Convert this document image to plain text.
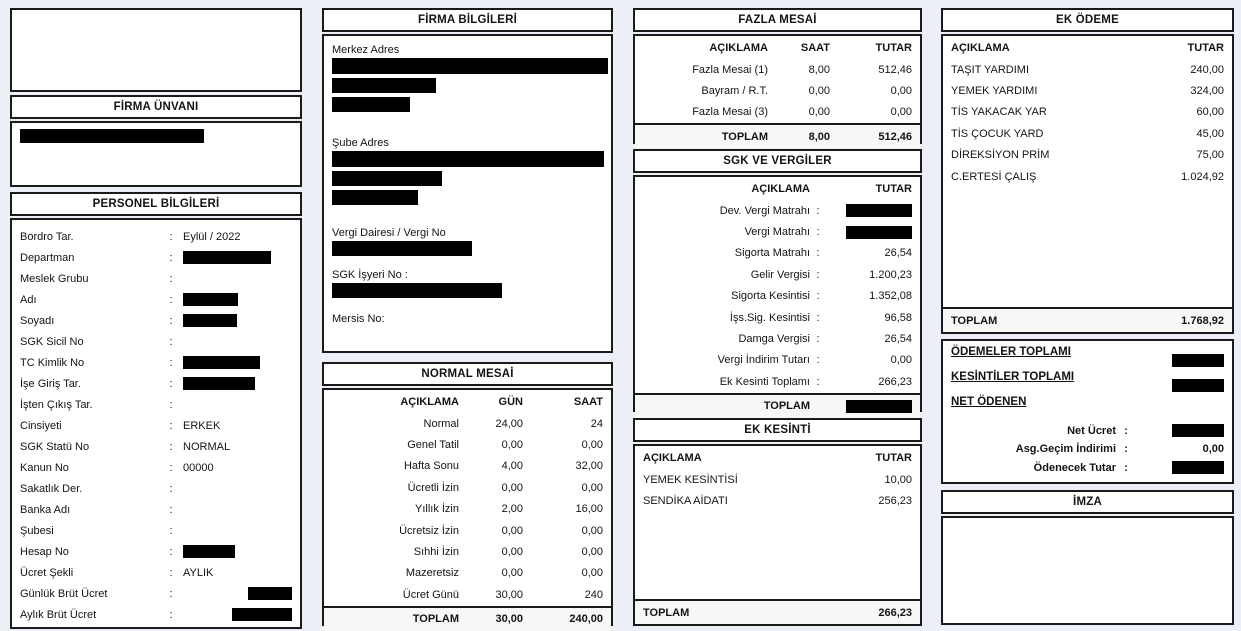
FİRMA ÜNVANI
PERSONEL BİLGİLERİ
Bordro Tar.	: Eylül / 2022
Departman	:
Meslek Grubu	:
Adı	:
Soyadı	:
SGK Sicil No	:
TC Kimlik No	:
İşe Giriş Tar.	:
İşten Çıkış Tar.	:
Cinsiyeti	: ERKEK
SGK Statü No	: NORMAL
Kanun No	: 00000
Sakatlık Der.	:
Banka Adı	:
Şubesi	:
Hesap No	:
Ücret Şekli	: AYLIK
Günlük Brüt Ücret	:
Aylık Brüt Ücret	:
FİRMA BİLGİLERİ
Merkez Adres
Şube Adres
Vergi Dairesi / Vergi No
SGK İşyeri No :
Mersis No:
NORMAL MESAİ
AÇIKLAMA	GÜN	SAAT
Normal	24,00	24
Genel Tatil	0,00	0,00
Hafta Sonu	4,00	32,00
Ücretli İzin	0,00	0,00
Yıllık İzin	2,00	16,00
Ücretsiz İzin	0,00	0,00
Sıhhi İzin	0,00	0,00
Mazeretsiz	0,00	0,00
Ücret Günü	30,00	240
TOPLAM	30,00	240,00
FAZLA MESAİ
AÇIKLAMA	SAAT	TUTAR
Fazla Mesai (1)	8,00	512,46
Bayram / R.T.	0,00	0,00
Fazla Mesai (3)	0,00	0,00
TOPLAM	8,00	512,46
SGK VE VERGİLER
AÇIKLAMA	TUTAR
Dev. Vergi Matrahı :
Vergi Matrahı :
Sigorta Matrahı :	26,54
Gelir Vergisi :	1.200,23
Sigorta Kesintisi :	1.352,08
İşs.Sig. Kesintisi :	96,58
Damga Vergisi :	26,54
Vergi İndirim Tutarı :	0,00
Ek Kesinti Toplamı :	266,23
TOPLAM
EK KESİNTİ
AÇIKLAMA	TUTAR
YEMEK KESİNTİSİ	10,00
SENDİKA AİDATI	256,23
TOPLAM	266,23
EK ÖDEME
AÇIKLAMA	TUTAR
TAŞIT YARDIMI	240,00
YEMEK YARDIMI	324,00
TİS YAKACAK YAR	60,00
TİS ÇOCUK YARD	45,00
DİREKSİYON PRİM	75,00
C.ERTESİ ÇALIŞ	1.024,92
TOPLAM	1.768,92
ÖDEMELER TOPLAMI
KESİNTİLER TOPLAMI
NET ÖDENEN
Net Ücret :
Asg.Geçim İndirimi :	0,00
Ödenecek Tutar :
İMZA
